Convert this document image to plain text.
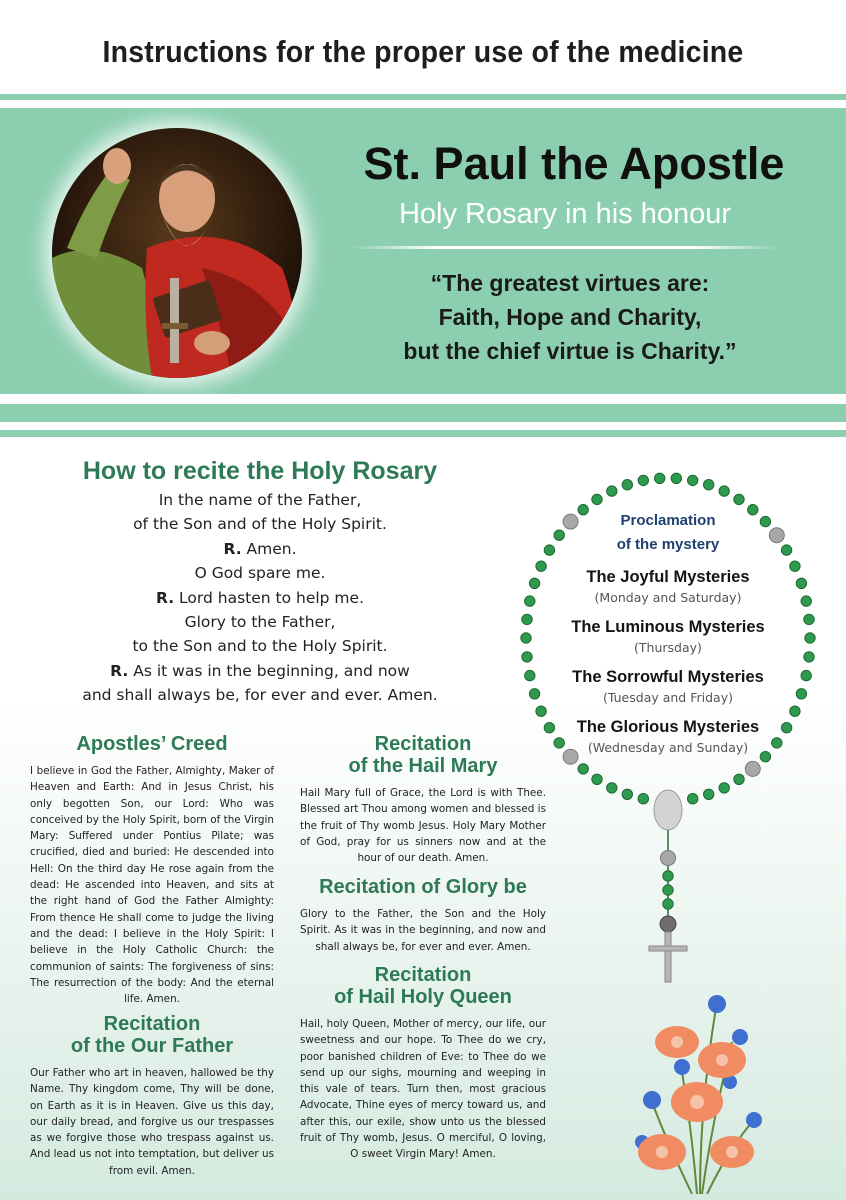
Instructions for the proper use of the medicine
St. Paul the Apostle
Holy Rosary in his honour
“The greatest virtues are:
Faith, Hope and Charity,
but the chief virtue is Charity.”
How to recite the Holy Rosary
In the name of the Father,
of the Son and of the Holy Spirit.
R. Amen.
O God spare me.
R. Lord hasten to help me.
Glory to the Father,
to the Son and to the Holy Spirit.
R. As it was in the beginning, and now
and shall always be, for ever and ever. Amen.
Apostles’ Creed
I believe in God the Father, Almighty, Maker of Heaven and Earth: And in Jesus Christ, his only begotten Son, our Lord: Who was conceived by the Holy Spirit, born of the Virgin Mary: Suffered under Pontius Pilate; was crucified, died and buried: He descended into Hell: On the third day He rose again from the dead: He ascended into Heaven, and sits at the right hand of God the Father Almighty: From thence He shall come to judge the living and the dead: I believe in the Holy Spirit: I believe in the Holy Catholic Church: the communion of saints: The forgiveness of sins: The resurrection of the body: And the eternal life. Amen.
Recitation
of the Our Father
Our Father who art in heaven, hallowed be thy Name. Thy kingdom come, Thy will be done, on Earth as it is in Heaven. Give us this day, our daily bread, and forgive us our trespasses as we forgive those who trespass against us. And lead us not into temptation, but deliver us from evil. Amen.
Recitation
of the Hail Mary
Hail Mary full of Grace, the Lord is with Thee. Blessed art Thou among women and blessed is the fruit of Thy womb Jesus. Holy Mary Mother of God, pray for us sinners now and at the hour of our death. Amen.
Recitation of Glory be
Glory to the Father, the Son and the Holy Spirit. As it was in the beginning, and now and shall always be, for ever and ever. Amen.
Recitation
of Hail Holy Queen
Hail, holy Queen, Mother of mercy, our life, our sweetness and our hope. To Thee do we cry, poor banished children of Eve: to Thee do we send up our sighs, mourning and weeping in this vale of tears. Turn then, most gracious Advocate, Thine eyes of mercy toward us, and after this, our exile, show unto us the blessed fruit of Thy womb, Jesus. O merciful, O loving, O sweet Virgin Mary! Amen.
Proclamation
of the mystery
The Joyful Mysteries
(Monday and Saturday)
The Luminous Mysteries
(Thursday)
The Sorrowful Mysteries
(Tuesday and Friday)
The Glorious Mysteries
(Wednesday and Sunday)
